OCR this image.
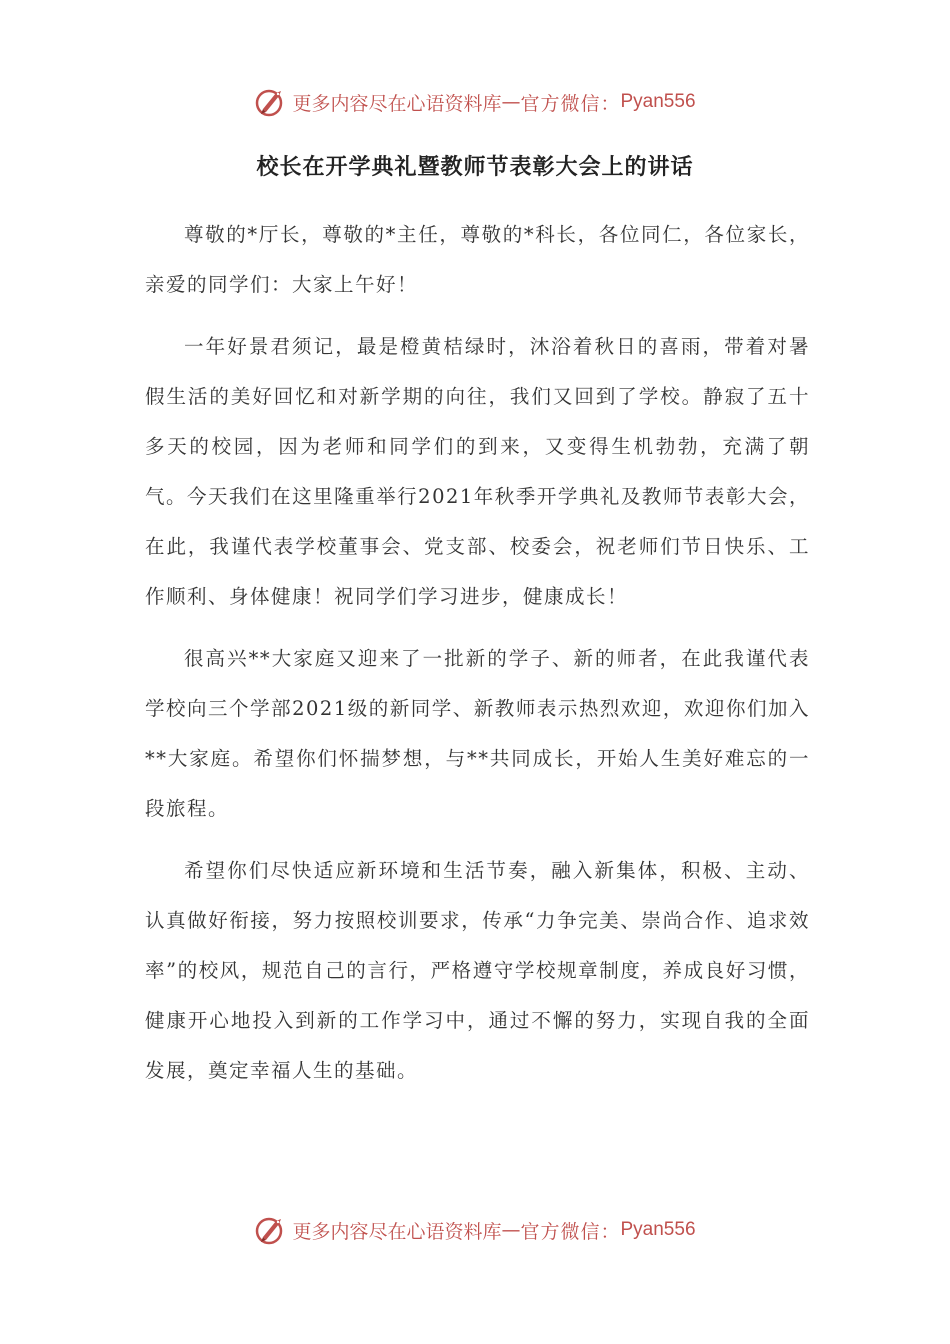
更多内容尽在心语资料库 — 官方微信： Pyan556
校长在开学典礼暨教师节表彰大会上的讲话

尊敬的*厅长，尊敬的*主任，尊敬的*科长，各位同仁，各位家长，亲爱的同学们：大家上午好！

一年好景君须记，最是橙黄桔绿时，沐浴着秋日的喜雨，带着对暑假生活的美好回忆和对新学期的向往，我们又回到了学校。静寂了五十多天的校园，因为老师和同学们的到来，又变得生机勃勃，充满了朝气。今天我们在这里隆重举行2021年秋季开学典礼及教师节表彰大会，在此，我谨代表学校董事会、党支部、校委会，祝老师们节日快乐、工作顺利、身体健康！祝同学们学习进步，健康成长！

很高兴**大家庭又迎来了一批新的学子、新的师者，在此我谨代表学校向三个学部2021级的新同学、新教师表示热烈欢迎，欢迎你们加入**大家庭。希望你们怀揣梦想，与**共同成长，开始人生美好难忘的一段旅程。

希望你们尽快适应新环境和生活节奏，融入新集体，积极、主动、认真做好衔接，努力按照校训要求，传承“力争完美、崇尚合作、追求效率”的校风，规范自己的言行，严格遵守学校规章制度，养成良好习惯，健康开心地投入到新的工作学习中，通过不懈的努力，实现自我的全面发展，奠定幸福人生的基础。

更多内容尽在心语资料库 — 官方微信： Pyan556
